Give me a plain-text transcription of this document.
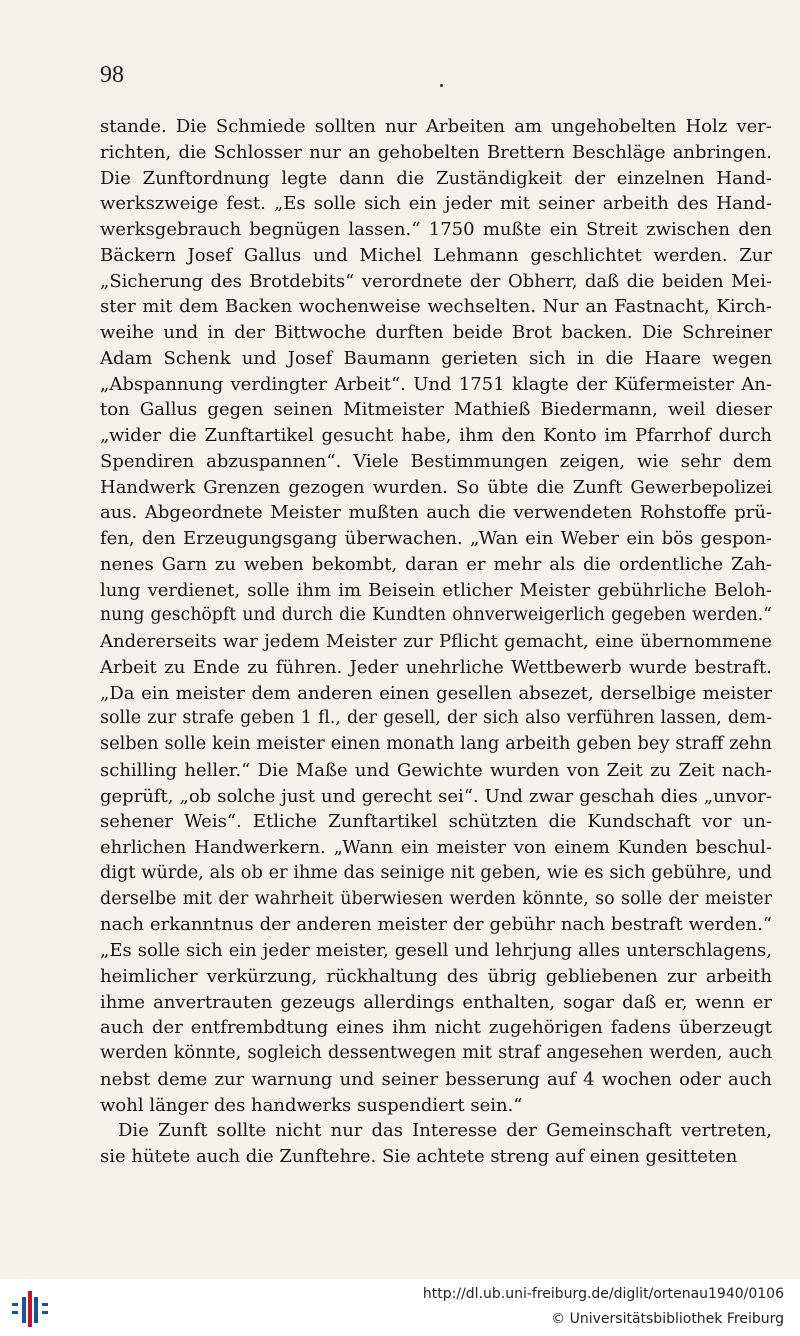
98
stande. Die Schmiede sollten nur Arbeiten am ungehobelten Holz ver-
richten, die Schlosser nur an gehobelten Brettern Beschläge anbringen.
Die Zunftordnung legte dann die Zuständigkeit der einzelnen Hand-
werkszweige fest. „Es solle sich ein jeder mit seiner arbeith des Hand-
werksgebrauch begnügen lassen.“ 1750 mußte ein Streit zwischen den
Bäckern Josef Gallus und Michel Lehmann geschlichtet werden. Zur
„Sicherung des Brotdebits“ verordnete der Obherr, daß die beiden Mei-
ster mit dem Backen wochenweise wechselten. Nur an Fastnacht, Kirch-
weihe und in der Bittwoche durften beide Brot backen. Die Schreiner
Adam Schenk und Josef Baumann gerieten sich in die Haare wegen
„Abspannung verdingter Arbeit“. Und 1751 klagte der Küfermeister An-
ton Gallus gegen seinen Mitmeister Mathieß Biedermann, weil dieser
„wider die Zunftartikel gesucht habe, ihm den Konto im Pfarrhof durch
Spendiren abzuspannen“. Viele Bestimmungen zeigen, wie sehr dem
Handwerk Grenzen gezogen wurden. So übte die Zunft Gewerbepolizei
aus. Abgeordnete Meister mußten auch die verwendeten Rohstoffe prü-
fen, den Erzeugungsgang überwachen. „Wan ein Weber ein bös gespon-
nenes Garn zu weben bekombt, daran er mehr als die ordentliche Zah-
lung verdienet, solle ihm im Beisein etlicher Meister gebührliche Beloh-
nung geschöpft und durch die Kundten ohnverweigerlich gegeben werden.“
Andererseits war jedem Meister zur Pflicht gemacht, eine übernommene
Arbeit zu Ende zu führen. Jeder unehrliche Wettbewerb wurde bestraft.
„Da ein meister dem anderen einen gesellen absezet, derselbige meister
solle zur strafe geben 1 fl., der gesell, der sich also verführen lassen, dem-
selben solle kein meister einen monath lang arbeith geben bey straff zehn
schilling heller.“ Die Maße und Gewichte wurden von Zeit zu Zeit nach-
geprüft, „ob solche just und gerecht sei“. Und zwar geschah dies „unvor-
sehener Weis“. Etliche Zunftartikel schützten die Kundschaft vor un-
ehrlichen Handwerkern. „Wann ein meister von einem Kunden beschul-
digt würde, als ob er ihme das seinige nit geben, wie es sich gebühre, und
derselbe mit der wahrheit überwiesen werden könnte, so solle der meister
nach erkanntnus der anderen meister der gebühr nach bestraft werden.“
„Es solle sich ein jeder meister, gesell und lehrjung alles unterschlagens,
heimlicher verkürzung, rückhaltung des übrig gebliebenen zur arbeith
ihme anvertrauten gezeugs allerdings enthalten, sogar daß er, wenn er
auch der entfrembdtung eines ihm nicht zugehörigen fadens überzeugt
werden könnte, sogleich dessentwegen mit straf angesehen werden, auch
nebst deme zur warnung und seiner besserung auf 4 wochen oder auch
wohl länger des handwerks suspendiert sein.“
Die Zunft sollte nicht nur das Interesse der Gemeinschaft vertreten,
sie hütete auch die Zunftehre. Sie achtete streng auf einen gesitteten
http://dl.ub.uni-freiburg.de/diglit/ortenau1940/0106
© Universitätsbibliothek Freiburg
